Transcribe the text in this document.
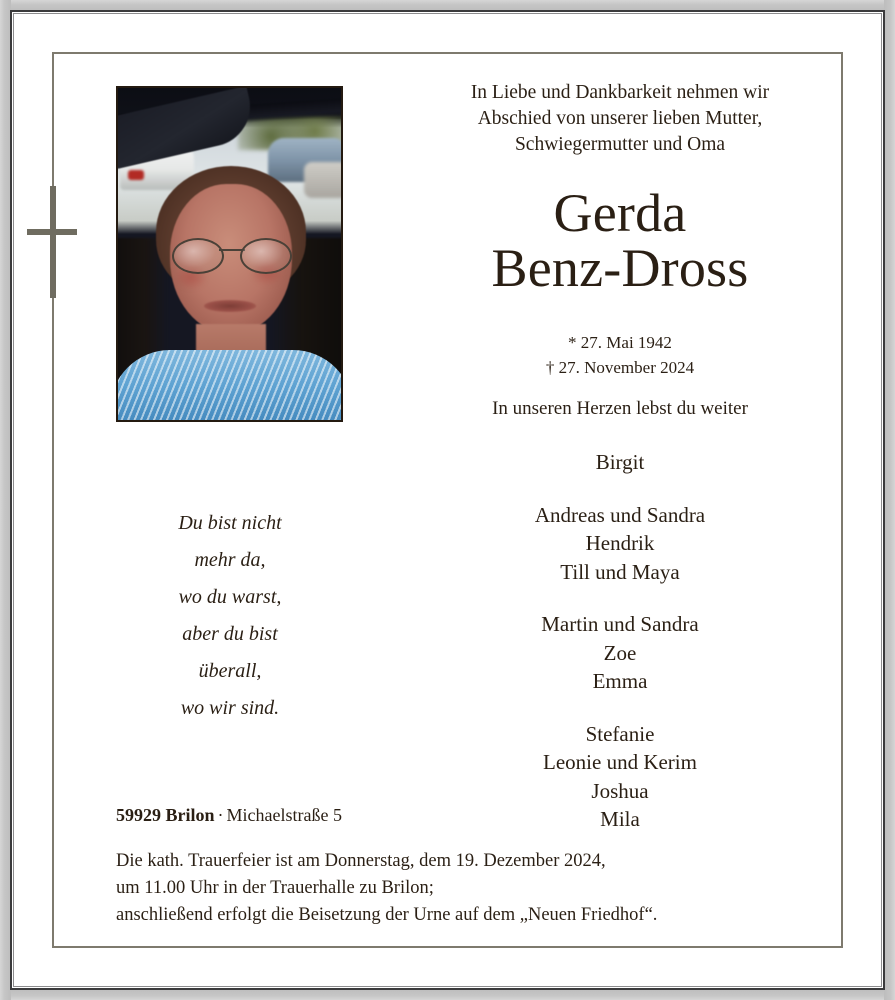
In Liebe und Dankbarkeit nehmen wir
Abschied von unserer lieben Mutter,
Schwiegermutter und Oma
Gerda
Benz-Dross
* 27. Mai 1942
† 27. November 2024
In unseren Herzen lebst du weiter
Birgit
Andreas und Sandra
Hendrik
Till und Maya
Martin und Sandra
Zoe
Emma
Stefanie
Leonie und Kerim
Joshua
Mila
Du bist nicht
mehr da,
wo du warst,
aber du bist
überall,
wo wir sind.
59929 Brilon · Michaelstraße 5
Die kath. Trauerfeier ist am Donnerstag, dem 19. Dezember 2024,
um 11.00 Uhr in der Trauerhalle zu Brilon;
anschließend erfolgt die Beisetzung der Urne auf dem „Neuen Friedhof“.
